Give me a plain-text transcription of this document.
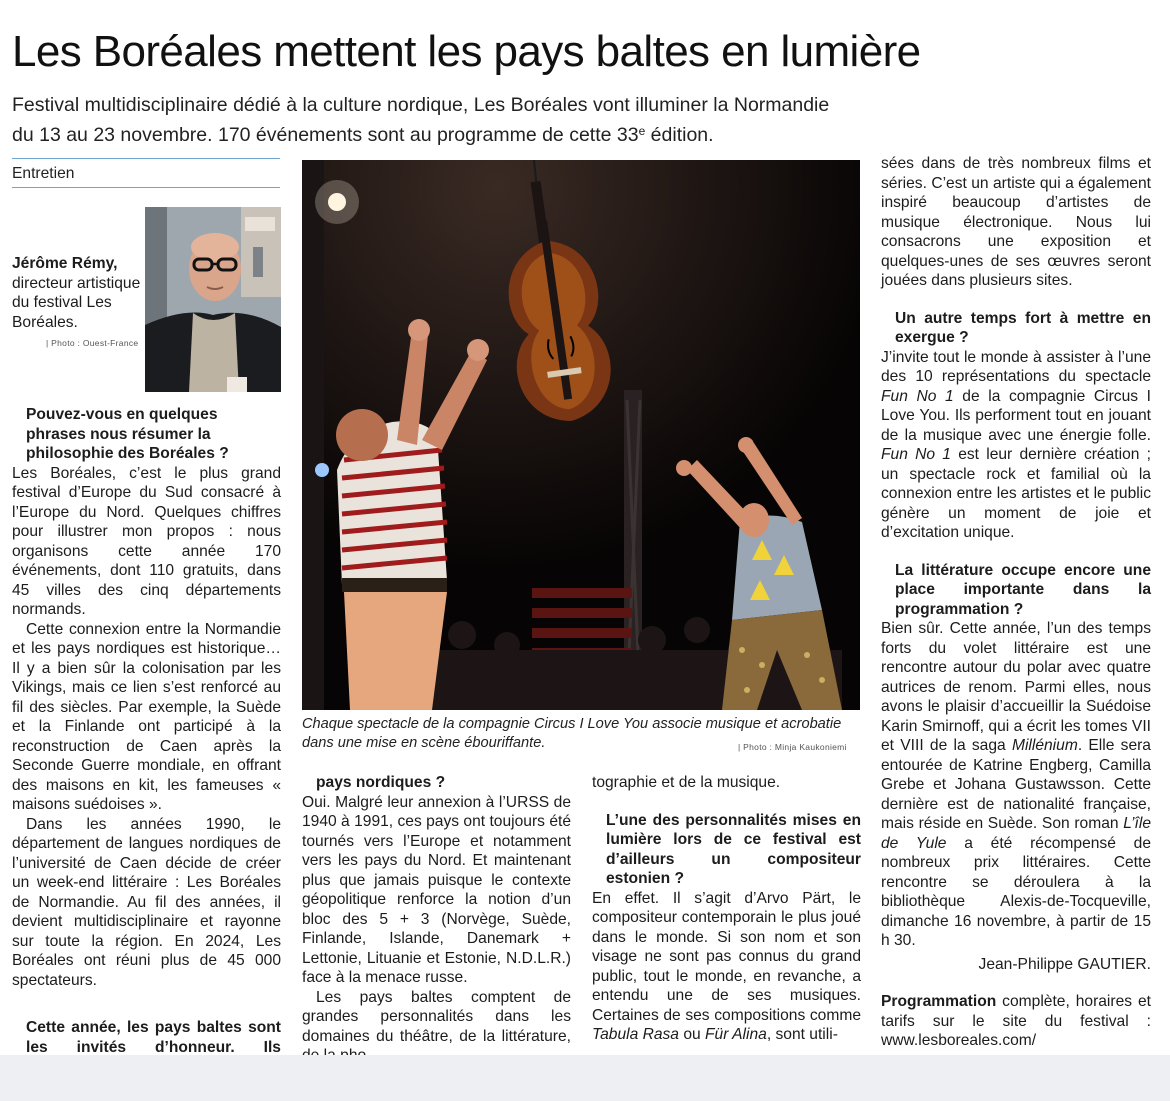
Les Boréales mettent les pays baltes en lumière

Festival multidisciplinaire dédié à la culture nordique, Les Boréales vont illuminer la Normandie
du 13 au 23 novembre. 170 événements sont au programme de cette 33e édition.

Entretien
Jérôme Rémy,
directeur artistique du festival Les Boréales.
| Photo : Ouest-France
Chaque spectacle de la compagnie Circus I Love You associe musique et acrobatie dans une mise en scène ébouriffante.	| Photo : Minja Kaukoniemi

Pouvez-vous en quelques phrases nous résumer la philosophie des Boréales ?

Les Boréales, c’est le plus grand festival d’Europe du Sud consacré à l’Europe du Nord. Quelques chiffres pour illustrer mon propos : nous organisons cette année 170 événements, dont 110 gratuits, dans 45 villes des cinq départements normands.

Cette connexion entre la Normandie et les pays nordiques est historique… Il y a bien sûr la colonisation par les Vikings, mais ce lien s’est renforcé au fil des siècles. Par exemple, la Suède et la Finlande ont participé à la reconstruction de Caen après la Seconde Guerre mondiale, en offrant des maisons en kit, les fameuses « maisons suédoises ».

Dans les années 1990, le département de langues nordiques de l’université de Caen décide de créer un week-end littéraire : Les Boréales de Normandie. Au fil des années, il devient multidisciplinaire et rayonne sur toute la région. En 2024, Les Boréales ont réuni plus de 45 000 spectateurs.

Cette année, les pays baltes sont les invités d’honneur. Ils

pays nordiques ?

Oui. Malgré leur annexion à l’URSS de 1940 à 1991, ces pays ont toujours été tournés vers l’Europe et notamment vers les pays du Nord. Et maintenant plus que jamais puisque le contexte géopolitique renforce la notion d’un bloc des 5 + 3 (Norvège, Suède, Finlande, Islande, Danemark + Lettonie, Lituanie et Estonie, N.D.L.R.) face à la menace russe.

Les pays baltes comptent de grandes personnalités dans les domaines du théâtre, de la littérature,

tographie et de la musique.

L’une des personnalités mises en lumière lors de ce festival est d’ailleurs un compositeur estonien ?

En effet. Il s’agit d’Arvo Pärt, le compositeur contemporain le plus joué dans le monde. Si son nom et son visage ne sont pas connus du grand public, tout le monde, en revanche, a entendu une de ses musiques. Certaines de ses compositions comme Tabula Rasa ou Für Alina, sont utili-

sées dans de très nombreux films et séries. C’est un artiste qui a également inspiré beaucoup d’artistes de musique électronique. Nous lui consacrons une exposition et quelques-unes de ses œuvres seront jouées dans plusieurs sites.

Un autre temps fort à mettre en exergue ?

J’invite tout le monde à assister à l’une des 10 représentations du spectacle Fun No 1 de la compagnie Circus I Love You. Ils performent tout en jouant de la musique avec une énergie folle. Fun No 1 est leur dernière création ; un spectacle rock et familial où la connexion entre les artistes et le public génère un moment de joie et d’excitation unique.

La littérature occupe encore une place importante dans la programmation ?

Bien sûr. Cette année, l’un des temps forts du volet littéraire est une rencontre autour du polar avec quatre autrices de renom. Parmi elles, nous avons le plaisir d’accueillir la Suédoise Karin Smirnoff, qui a écrit les tomes VII et VIII de la saga Millénium. Elle sera entourée de Katrine Engberg, Camilla Grebe et Johana Gustawsson. Cette dernière est de nationalité française, mais réside en Suède. Son roman L’île de Yule a été récompensé de nombreux prix littéraires. Cette rencontre se déroulera à la bibliothèque Alexis-de-Tocqueville, dimanche 16 novembre, à partir de 15 h 30.

Jean-Philippe GAUTIER.

Programmation complète, horaires et tarifs sur le site du festival : www.lesboreales.com/
